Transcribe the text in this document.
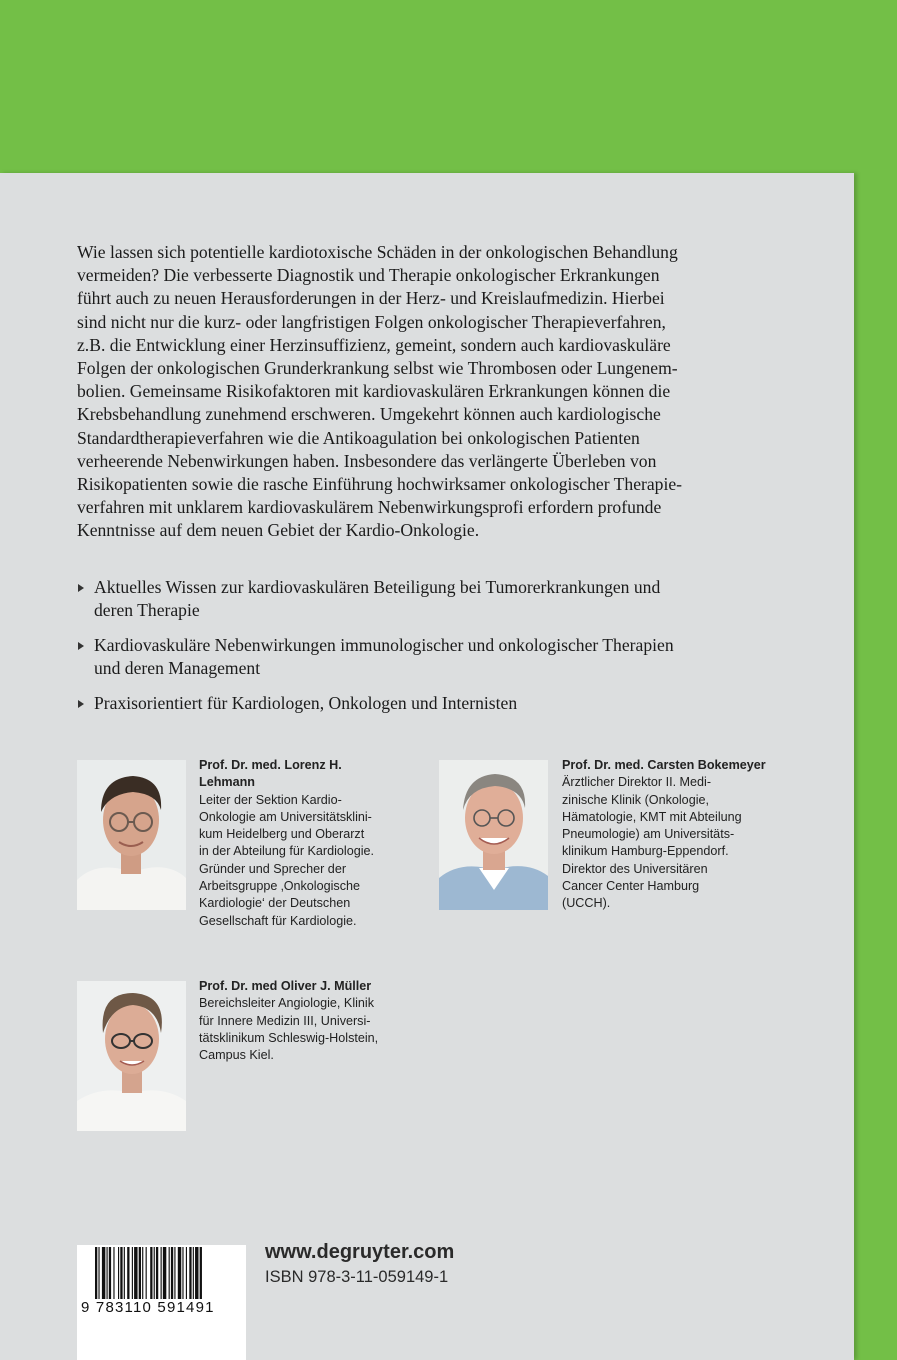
Wie lassen sich potentielle kardiotoxische Schäden in der onkologischen Behandlung
vermeiden? Die verbesserte Diagnostik und Therapie onkologischer Erkrankungen
führt auch zu neuen Herausforderungen in der Herz- und Kreislaufmedizin. Hierbei
sind nicht nur die kurz- oder langfristigen Folgen onkologischer Therapieverfahren,
z.B. die Entwicklung einer Herzinsuffizienz, gemeint, sondern auch kardiovaskuläre
Folgen der onkologischen Grunderkrankung selbst wie Thrombosen oder Lungenem-
bolien. Gemeinsame Risikofaktoren mit kardiovaskulären Erkrankungen können die
Krebsbehandlung zunehmend erschweren. Umgekehrt können auch kardiologische
Standardtherapieverfahren wie die Antikoagulation bei onkologischen Patienten
verheerende Nebenwirkungen haben. Insbesondere das verlängerte Überleben von
Risikopatienten sowie die rasche Einführung hochwirksamer onkologischer Therapie-
verfahren mit unklarem kardiovaskulärem Nebenwirkungsprofi erfordern profunde
Kenntnisse auf dem neuen Gebiet der Kardio-Onkologie.
Aktuelles Wissen zur kardiovaskulären Beteiligung bei Tumorerkrankungen und
deren Therapie
Kardiovaskuläre Nebenwirkungen immunologischer und onkologischer Therapien
und deren Management
Praxisorientiert für Kardiologen, Onkologen und Internisten
Prof. Dr. med. Lorenz H.
Lehmann
Leiter der Sektion Kardio-
Onkologie am Universitätsklini-
kum Heidelberg und Oberarzt
in der Abteilung für Kardiologie.
Gründer und Sprecher der
Arbeitsgruppe ‚Onkologische
Kardiologie‘ der Deutschen
Gesellschaft für Kardiologie.
Prof. Dr. med. Carsten Bokemeyer
Ärztlicher Direktor II. Medi-
zinische Klinik (Onkologie,
Hämatologie, KMT mit Abteilung
Pneumologie) am Universitäts-
klinikum Hamburg-Eppendorf.
Direktor des Universitären
Cancer Center Hamburg
(UCCH).
Prof. Dr. med Oliver J. Müller
Bereichsleiter Angiologie, Klinik
für Innere Medizin III, Universi-
tätsklinikum Schleswig-Holstein,
Campus Kiel.
9 783110 591491
www.degruyter.com
ISBN 978-3-11-059149-1
